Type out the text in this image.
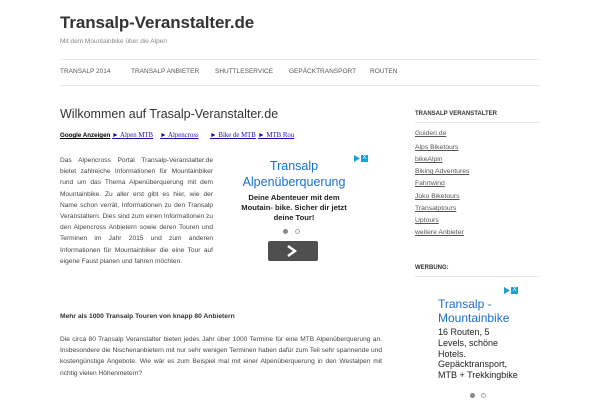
Transalp-Veranstalter.de
Mit dem Mountainbike über die Alpen
TRANSALP 2014	TRANSALP ANBIETER SHUTTLESERVICE GEPÄCKTRANSPORT ROUTEN
Wilkommen auf Trasalp-Veranstalter.de
Google Anzeigen ► Alpen MTB ► Alpencross ► Bike de MTB ► MTB Rou
Das Alpencross Portal Transalp-Veranstalter.de bietet zahlreiche Informationen für Mountainbiker rund um das Thema Alpenüberquerung mit dem Mountainbike. Zu aller erst gibt es hier, wie der Name schon verrät, Informationen zu den Transalp Veranstaltern. Dies sind zum einen Informationen zu den Alpencross Anbietern sowie deren Touren und Terminen im Jahr 2015 und zum anderen Informationen für Mountainbiker die eine Tour auf eigene Faust planen und fahren möchten.
X
Transalp Alpenüberquerung
Deine Abenteuer mit dem Moutain- bike. Sicher dir jetzt deine Tour!
Mehr als 1000 Transalp Touren von knapp 80 Anbietern
Die circa 80 Transalp Veranstalter bieten jedes Jahr über 1000 Termine für eine MTB Alpenüberquerung an. Insbesondere die Nischenanbietern mit nur sehr wenigen Terminen haben dafür zum Teil sehr spannende und kostengünstige Angebote. Wie wär es zum Beispiel mal mit einer Alpenüberquerung in den Westalpen mit richtig vielen Höhenmetern?
TRANSALP VERANSTALTER
Guideri.de
Alps Biketours
bikeAlpin
Biking Adventures
Fahrtwind
Joko Biketours
Transalptours
Uptours
weitere Anbieter
WERBUNG:
X
Transalp - Mountainbike
16 Routen, 5 Levels, schöne Hotels. Gepäcktransport, MTB + Trekkingbike
